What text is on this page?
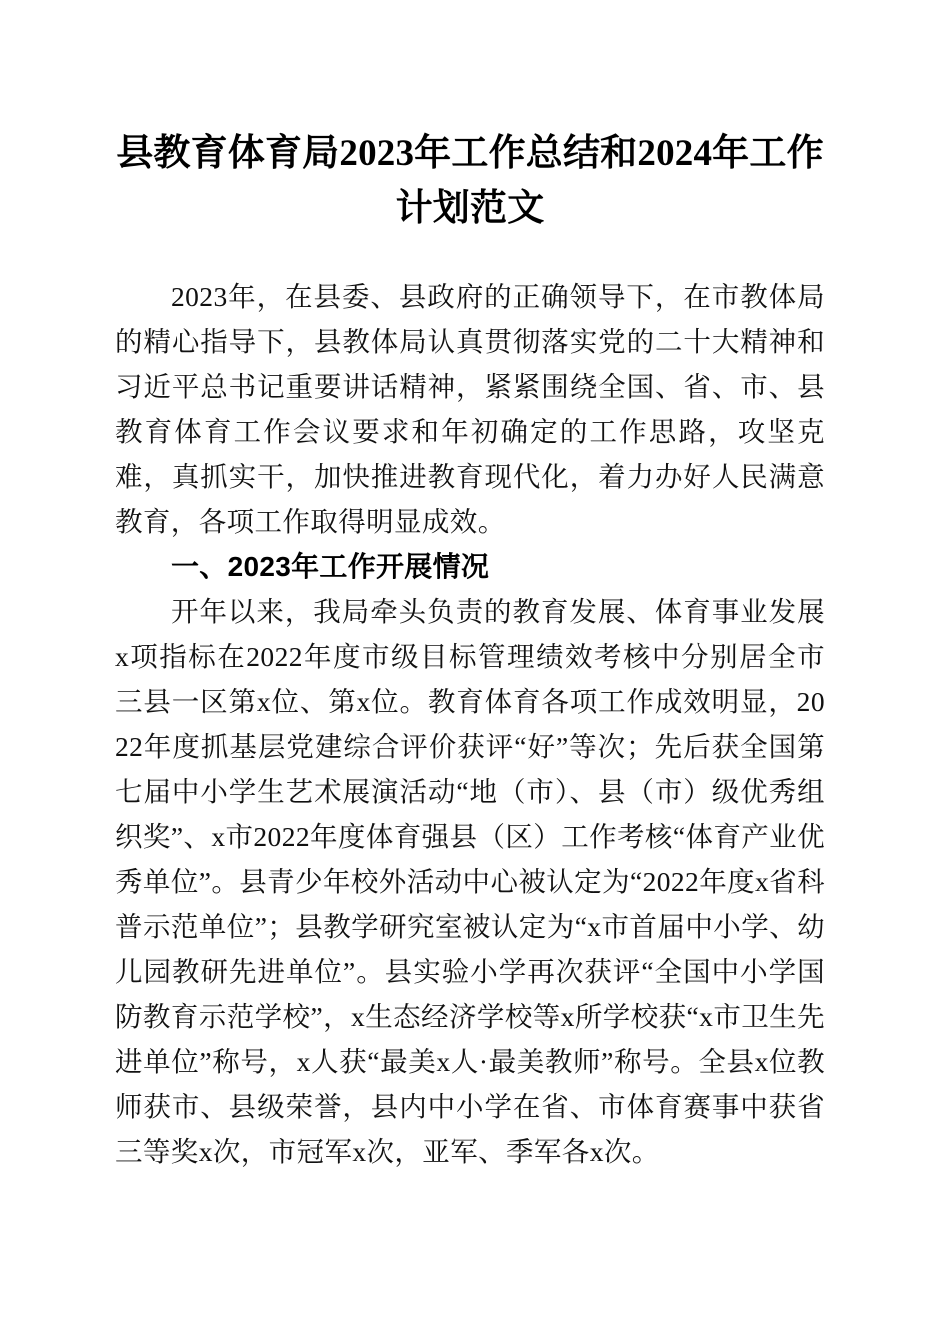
县教育体育局2023年工作总结和2024年工作计划范文

2023年，在县委、县政府的正确领导下，在市教体局的精心指导下，县教体局认真贯彻落实党的二十大精神和习近平总书记重要讲话精神，紧紧围绕全国、省、市、县教育体育工作会议要求和年初确定的工作思路，攻坚克难，真抓实干，加快推进教育现代化，着力办好人民满意教育，各项工作取得明显成效。

一、2023年工作开展情况

开年以来，我局牵头负责的教育发展、体育事业发展x项指标在2022年度市级目标管理绩效考核中分别居全市三县一区第x位、第x位。教育体育各项工作成效明显，2022年度抓基层党建综合评价获评“好”等次；先后获全国第七届中小学生艺术展演活动“地（市）、县（市）级优秀组织奖”、x市2022年度体育强县（区）工作考核“体育产业优秀单位”。县青少年校外活动中心被认定为“2022年度x省科普示范单位”；县教学研究室被认定为“x市首届中小学、幼儿园教研先进单位”。县实验小学再次获评“全国中小学国防教育示范学校”，x生态经济学校等x所学校获“x市卫生先进单位”称号，x人获“最美x人·最美教师”称号。全县x位教师获市、县级荣誉，县内中小学在省、市体育赛事中获省三等奖x次，市冠军x次，亚军、季军各x次。
